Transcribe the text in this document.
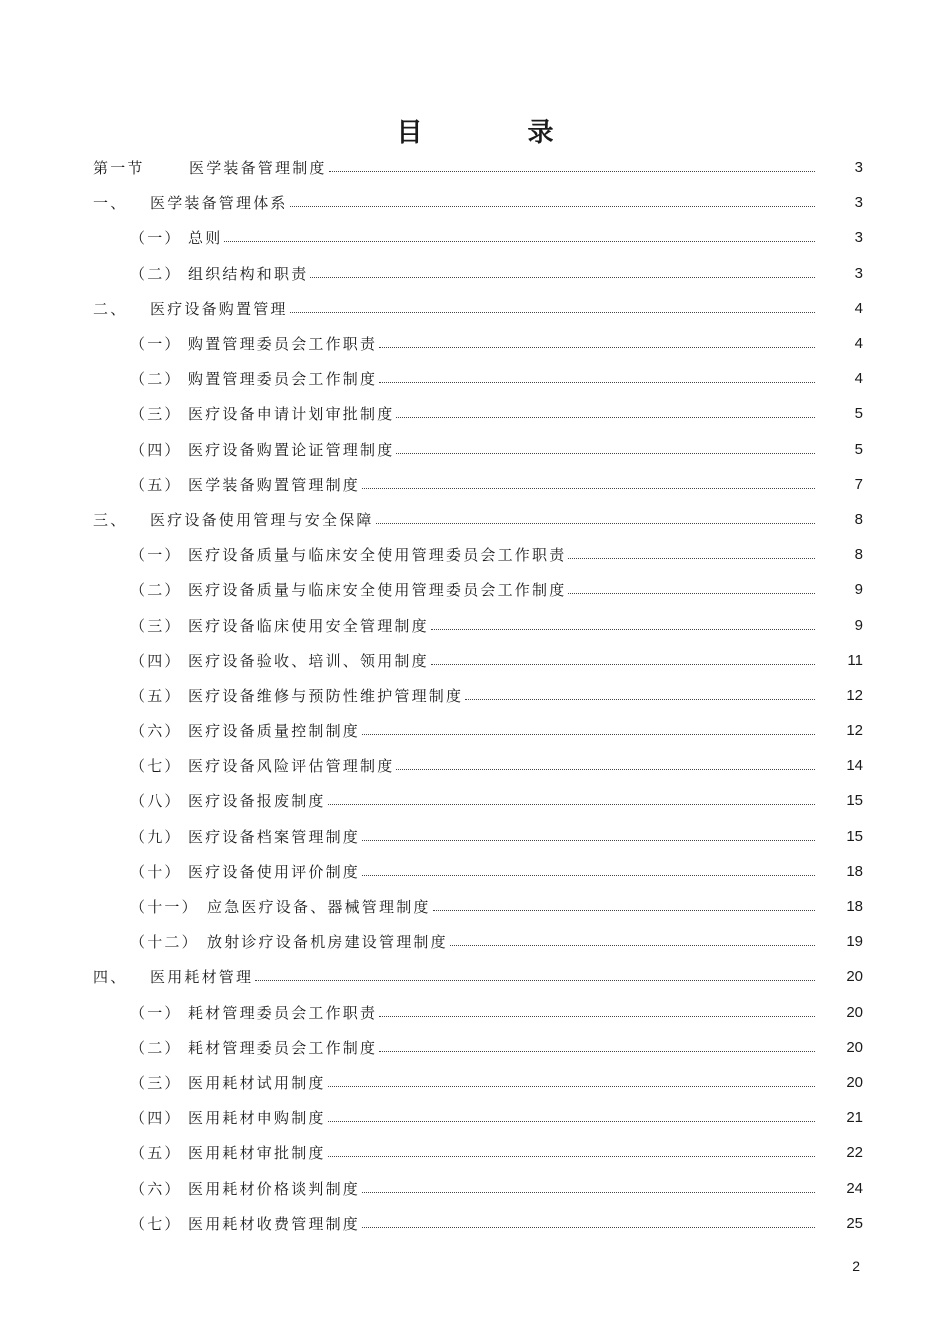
目	录
第一节	医学装备管理制度	3
一、	医学装备管理体系	3
（一） 总则	3
（二） 组织结构和职责	3
二、	医疗设备购置管理	4
（一） 购置管理委员会工作职责	4
（二） 购置管理委员会工作制度	4
（三） 医疗设备申请计划审批制度	5
（四） 医疗设备购置论证管理制度	5
（五） 医学装备购置管理制度	7
三、	医疗设备使用管理与安全保障	8
（一） 医疗设备质量与临床安全使用管理委员会工作职责	8
（二） 医疗设备质量与临床安全使用管理委员会工作制度	9
（三） 医疗设备临床使用安全管理制度	9
（四） 医疗设备验收、培训、领用制度	11
（五） 医疗设备维修与预防性维护管理制度	12
（六） 医疗设备质量控制制度	12
（七） 医疗设备风险评估管理制度	14
（八） 医疗设备报废制度	15
（九） 医疗设备档案管理制度	15
（十） 医疗设备使用评价制度	18
（十一） 应急医疗设备、器械管理制度	18
（十二） 放射诊疗设备机房建设管理制度	19
四、	医用耗材管理	20
（一） 耗材管理委员会工作职责	20
（二） 耗材管理委员会工作制度	20
（三） 医用耗材试用制度	20
（四） 医用耗材申购制度	21
（五） 医用耗材审批制度	22
（六） 医用耗材价格谈判制度	24
（七） 医用耗材收费管理制度	25
2
